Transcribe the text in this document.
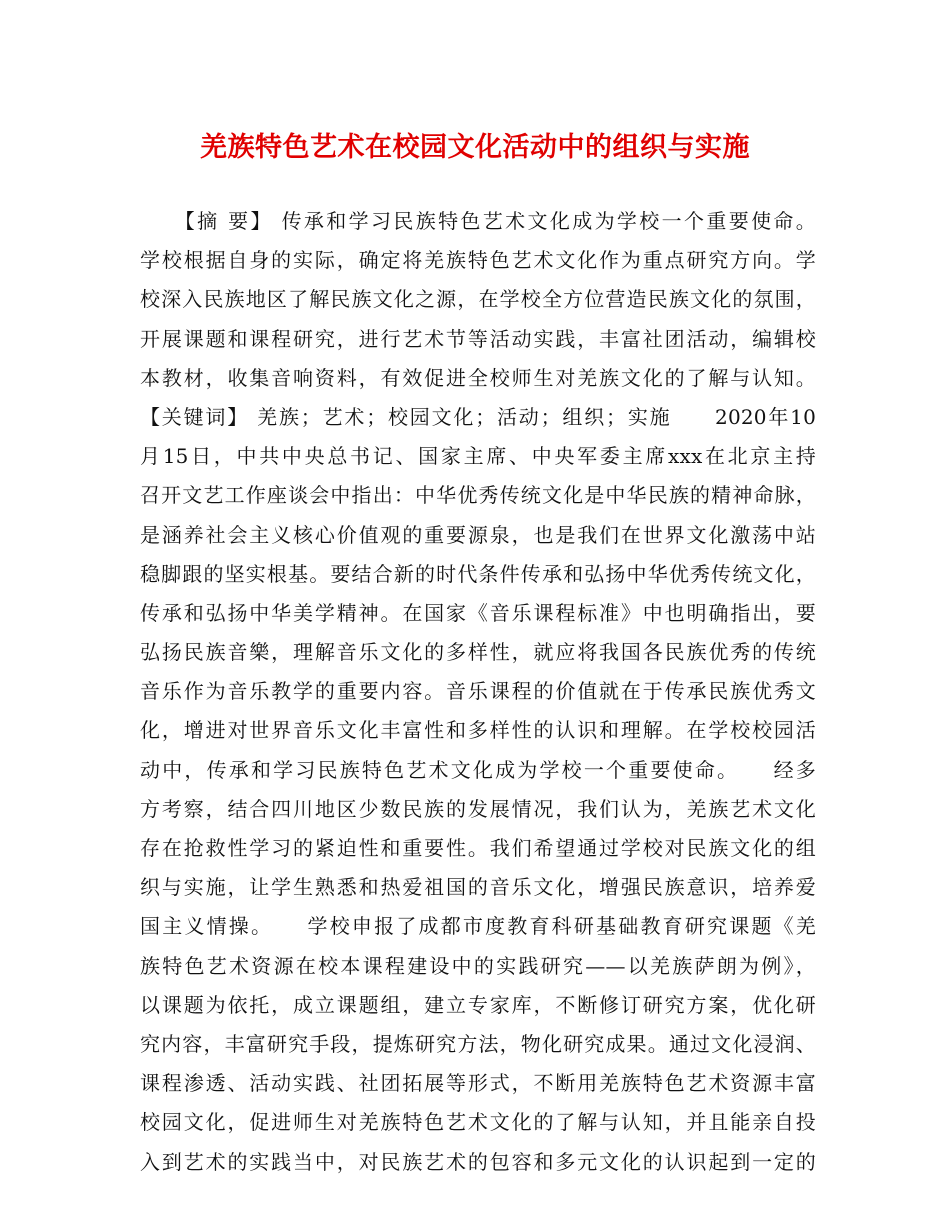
羌族特色艺术在校园文化活动中的组织与实施
　　【摘 要】 传承和学习民族特色艺术文化成为学校一个重要使命。
学校根据自身的实际，确定将羌族特色艺术文化作为重点研究方向。学
校深入民族地区了解民族文化之源，在学校全方位营造民族文化的氛围，
开展课题和课程研究，进行艺术节等活动实践，丰富社团活动，编辑校
本教材，收集音响资料，有效促进全校师生对羌族文化的了解与认知。
【关键词】 羌族；艺术；校园文化；活动；组织；实施　　2020年10
月15日，中共中央总书记、国家主席、中央军委主席xxx在北京主持
召开文艺工作座谈会中指出：中华优秀传统文化是中华民族的精神命脉，
是涵养社会主义核心价值观的重要源泉，也是我们在世界文化激荡中站
稳脚跟的坚实根基。要结合新的时代条件传承和弘扬中华优秀传统文化，
传承和弘扬中华美学精神。在国家《音乐课程标准》中也明确指出，要
弘扬民族音樂，理解音乐文化的多样性，就应将我国各民族优秀的传统
音乐作为音乐教学的重要内容。音乐课程的价值就在于传承民族优秀文
化，增进对世界音乐文化丰富性和多样性的认识和理解。在学校校园活
动中，传承和学习民族特色艺术文化成为学校一个重要使命。　　经多
方考察，结合四川地区少数民族的发展情况，我们认为，羌族艺术文化
存在抢救性学习的紧迫性和重要性。我们希望通过学校对民族文化的组
织与实施，让学生熟悉和热爱祖国的音乐文化，增强民族意识，培养爱
国主义情操。　　学校申报了成都市度教育科研基础教育研究课题《羌
族特色艺术资源在校本课程建设中的实践研究——以羌族萨朗为例》，
以课题为依托，成立课题组，建立专家库，不断修订研究方案，优化研
究内容，丰富研究手段，提炼研究方法，物化研究成果。通过文化浸润、
课程渗透、活动实践、社团拓展等形式，不断用羌族特色艺术资源丰富
校园文化，促进师生对羌族特色艺术文化的了解与认知，并且能亲自投
入到艺术的实践当中，对民族艺术的包容和多元文化的认识起到一定的
